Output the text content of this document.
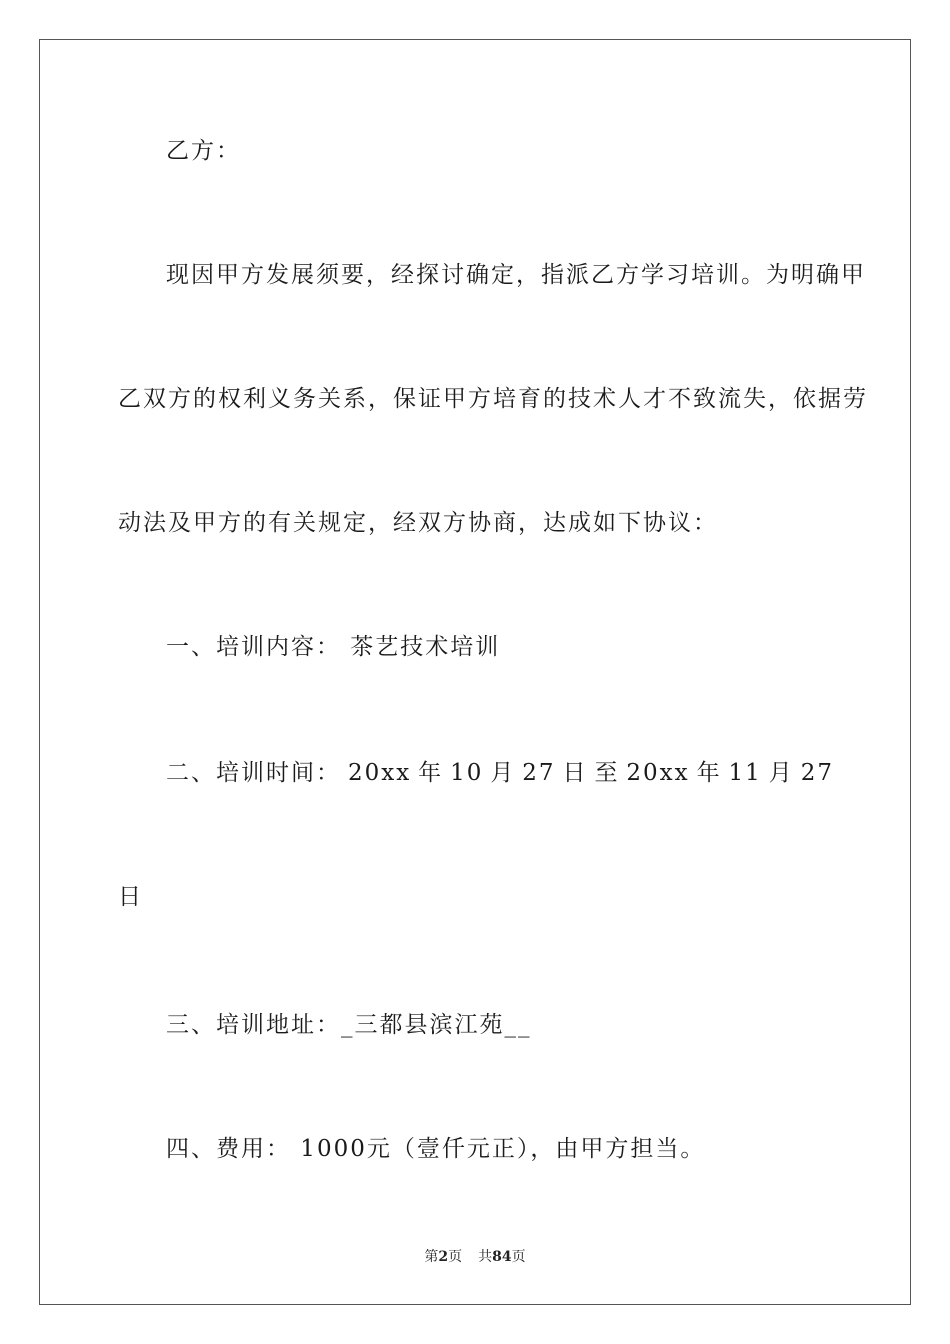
乙方：
现因甲方发展须要，经探讨确定，指派乙方学习培训。为明确甲
乙双方的权利义务关系，保证甲方培育的技术人才不致流失，依据劳
动法及甲方的有关规定，经双方协商，达成如下协议：
一、培训内容： 茶艺技术培训
二、培训时间： 20xx 年 10 月 27 日 至 20xx 年 11 月 27
日
三、培训地址：_三都县滨江苑__
四、费用： 1000元（壹仟元正），由甲方担当。
第2页 共84页
